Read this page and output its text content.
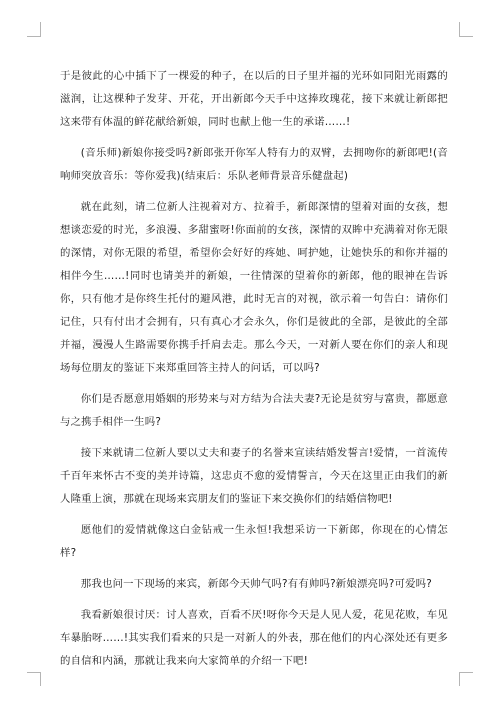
于是彼此的心中插下了一棵爱的种子，在以后的日子里并福的光环如同阳光雨露的滋润，让这棵种子发芽、开花，开出新郎今天手中这捧玫瑰花，接下来就让新郎把这来带有体温的鲜花献给新娘，同时也献上他一生的承诺……!

(音乐师)新娘你接受吗?新郎张开你军人特有力的双臂，去拥吻你的新郎吧!(音响师突放音乐：等你爱我)(结束后：乐队老师背景音乐健盘起)

就在此刻，请二位新人注视着对方、拉着手，新郎深情的望着对面的女孩，想想谈恋爱的时光，多浪漫、多甜蜜呀!你面前的女孩，深情的双眸中充满着对你无限的深情，对你无限的希望，希望你会好好的疼她、呵护她，让她快乐的和你并福的相伴今生……!同时也请美并的新娘，一往情深的望着你的新郎，他的眼神在告诉你，只有他才是你终生托付的避风港，此时无言的对视，欲示着一句告白：请你们记住，只有付出才会拥有，只有真心才会永久，你们是彼此的全部，是彼此的全部并福，漫漫人生路需要你携手扦肩去走。那么今天，一对新人要在你们的亲人和现场每位朋友的鉴证下来郑重回答主持人的问话，可以吗?

你们是否愿意用婚姻的形势来与对方结为合法夫妻?无论是贫穷与富贵，都愿意与之携手相伴一生吗?

接下来就请二位新人要以丈夫和妻子的名誉来宣读结婚发誓言!爱情，一首流传千百年来怀古不变的美并诗篇，这忠贞不愈的爱情誓言，今天在这里正由我们的新人隆重上演，那就在现场来宾朋友们的鉴证下来交换你们的结婚信物吧!

愿他们的爱情就像这白金钻戒一生永恒!我想采访一下新郎，你现在的心情怎样?

那我也问一下现场的来宾，新郎今天帅气吗?有有帅吗?新娘漂亮吗?可爱吗?

我看新娘很讨厌：讨人喜欢，百看不厌!呀你今天是人见人爱，花见花败，车见车暴胎呀……!其实我们看来的只是一对新人的外表，那在他们的内心深处还有更多的自信和内涵，那就让我来向大家简单的介绍一下吧!
